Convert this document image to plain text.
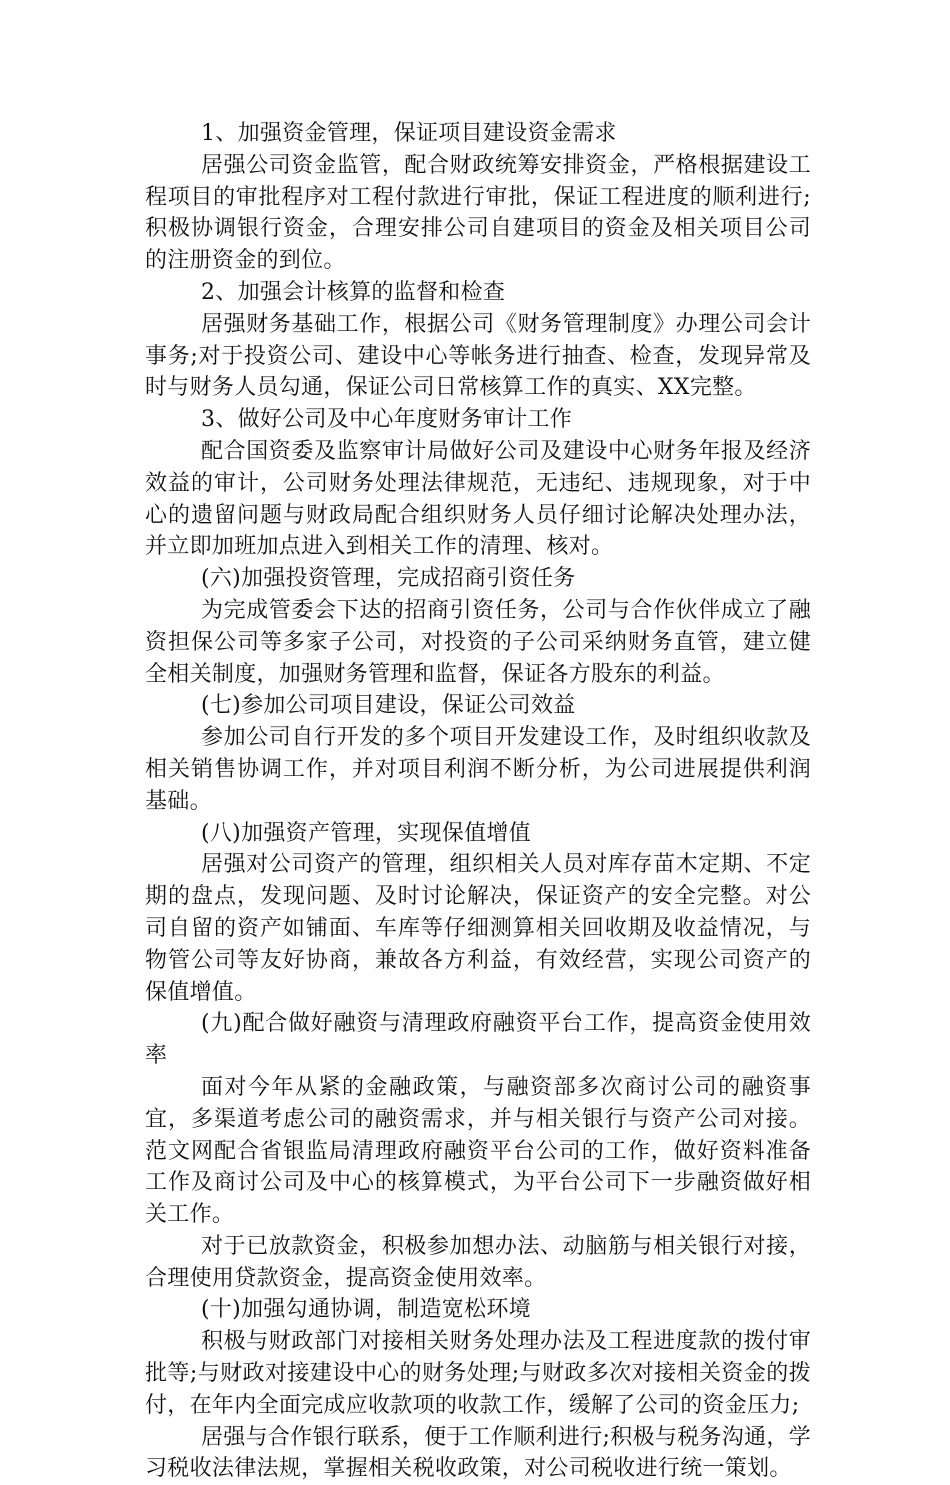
1、加强资金管理，保证项目建设资金需求

居强公司资金监管，配合财政统筹安排资金，严格根据建设工程项目的审批程序对工程付款进行审批，保证工程进度的顺利进行;积极协调银行资金，合理安排公司自建项目的资金及相关项目公司的注册资金的到位。

2、加强会计核算的监督和检查

居强财务基础工作，根据公司《财务管理制度》办理公司会计事务;对于投资公司、建设中心等帐务进行抽查、检查，发现异常及时与财务人员勾通，保证公司日常核算工作的真实、XX完整。

3、做好公司及中心年度财务审计工作

配合国资委及监察审计局做好公司及建设中心财务年报及经济效益的审计，公司财务处理法律规范，无违纪、违规现象，对于中心的遗留问题与财政局配合组织财务人员仔细讨论解决处理办法，并立即加班加点进入到相关工作的清理、核对。

(六)加强投资管理，完成招商引资任务

为完成管委会下达的招商引资任务，公司与合作伙伴成立了融资担保公司等多家子公司，对投资的子公司采纳财务直管，建立健全相关制度，加强财务管理和监督，保证各方股东的利益。

(七)参加公司项目建设，保证公司效益

参加公司自行开发的多个项目开发建设工作，及时组织收款及相关销售协调工作，并对项目利润不断分析，为公司进展提供利润基础。

(八)加强资产管理，实现保值增值

居强对公司资产的管理，组织相关人员对库存苗木定期、不定期的盘点，发现问题、及时讨论解决，保证资产的安全完整。对公司自留的资产如铺面、车库等仔细测算相关回收期及收益情况，与物管公司等友好协商，兼故各方利益，有效经营，实现公司资产的保值增值。

(九)配合做好融资与清理政府融资平台工作，提高资金使用效率

面对今年从紧的金融政策，与融资部多次商讨公司的融资事宜，多渠道考虑公司的融资需求，并与相关银行与资产公司对接。范文网配合省银监局清理政府融资平台公司的工作，做好资料准备工作及商讨公司及中心的核算模式，为平台公司下一步融资做好相关工作。

对于已放款资金，积极参加想办法、动脑筋与相关银行对接，合理使用贷款资金，提高资金使用效率。

(十)加强勾通协调，制造宽松环境

积极与财政部门对接相关财务处理办法及工程进度款的拨付审批等;与财政对接建设中心的财务处理;与财政多次对接相关资金的拨付，在年内全面完成应收款项的收款工作，缓解了公司的资金压力;

居强与合作银行联系，便于工作顺利进行;积极与税务沟通，学习税收法律法规，掌握相关税收政策，对公司税收进行统一策划。
